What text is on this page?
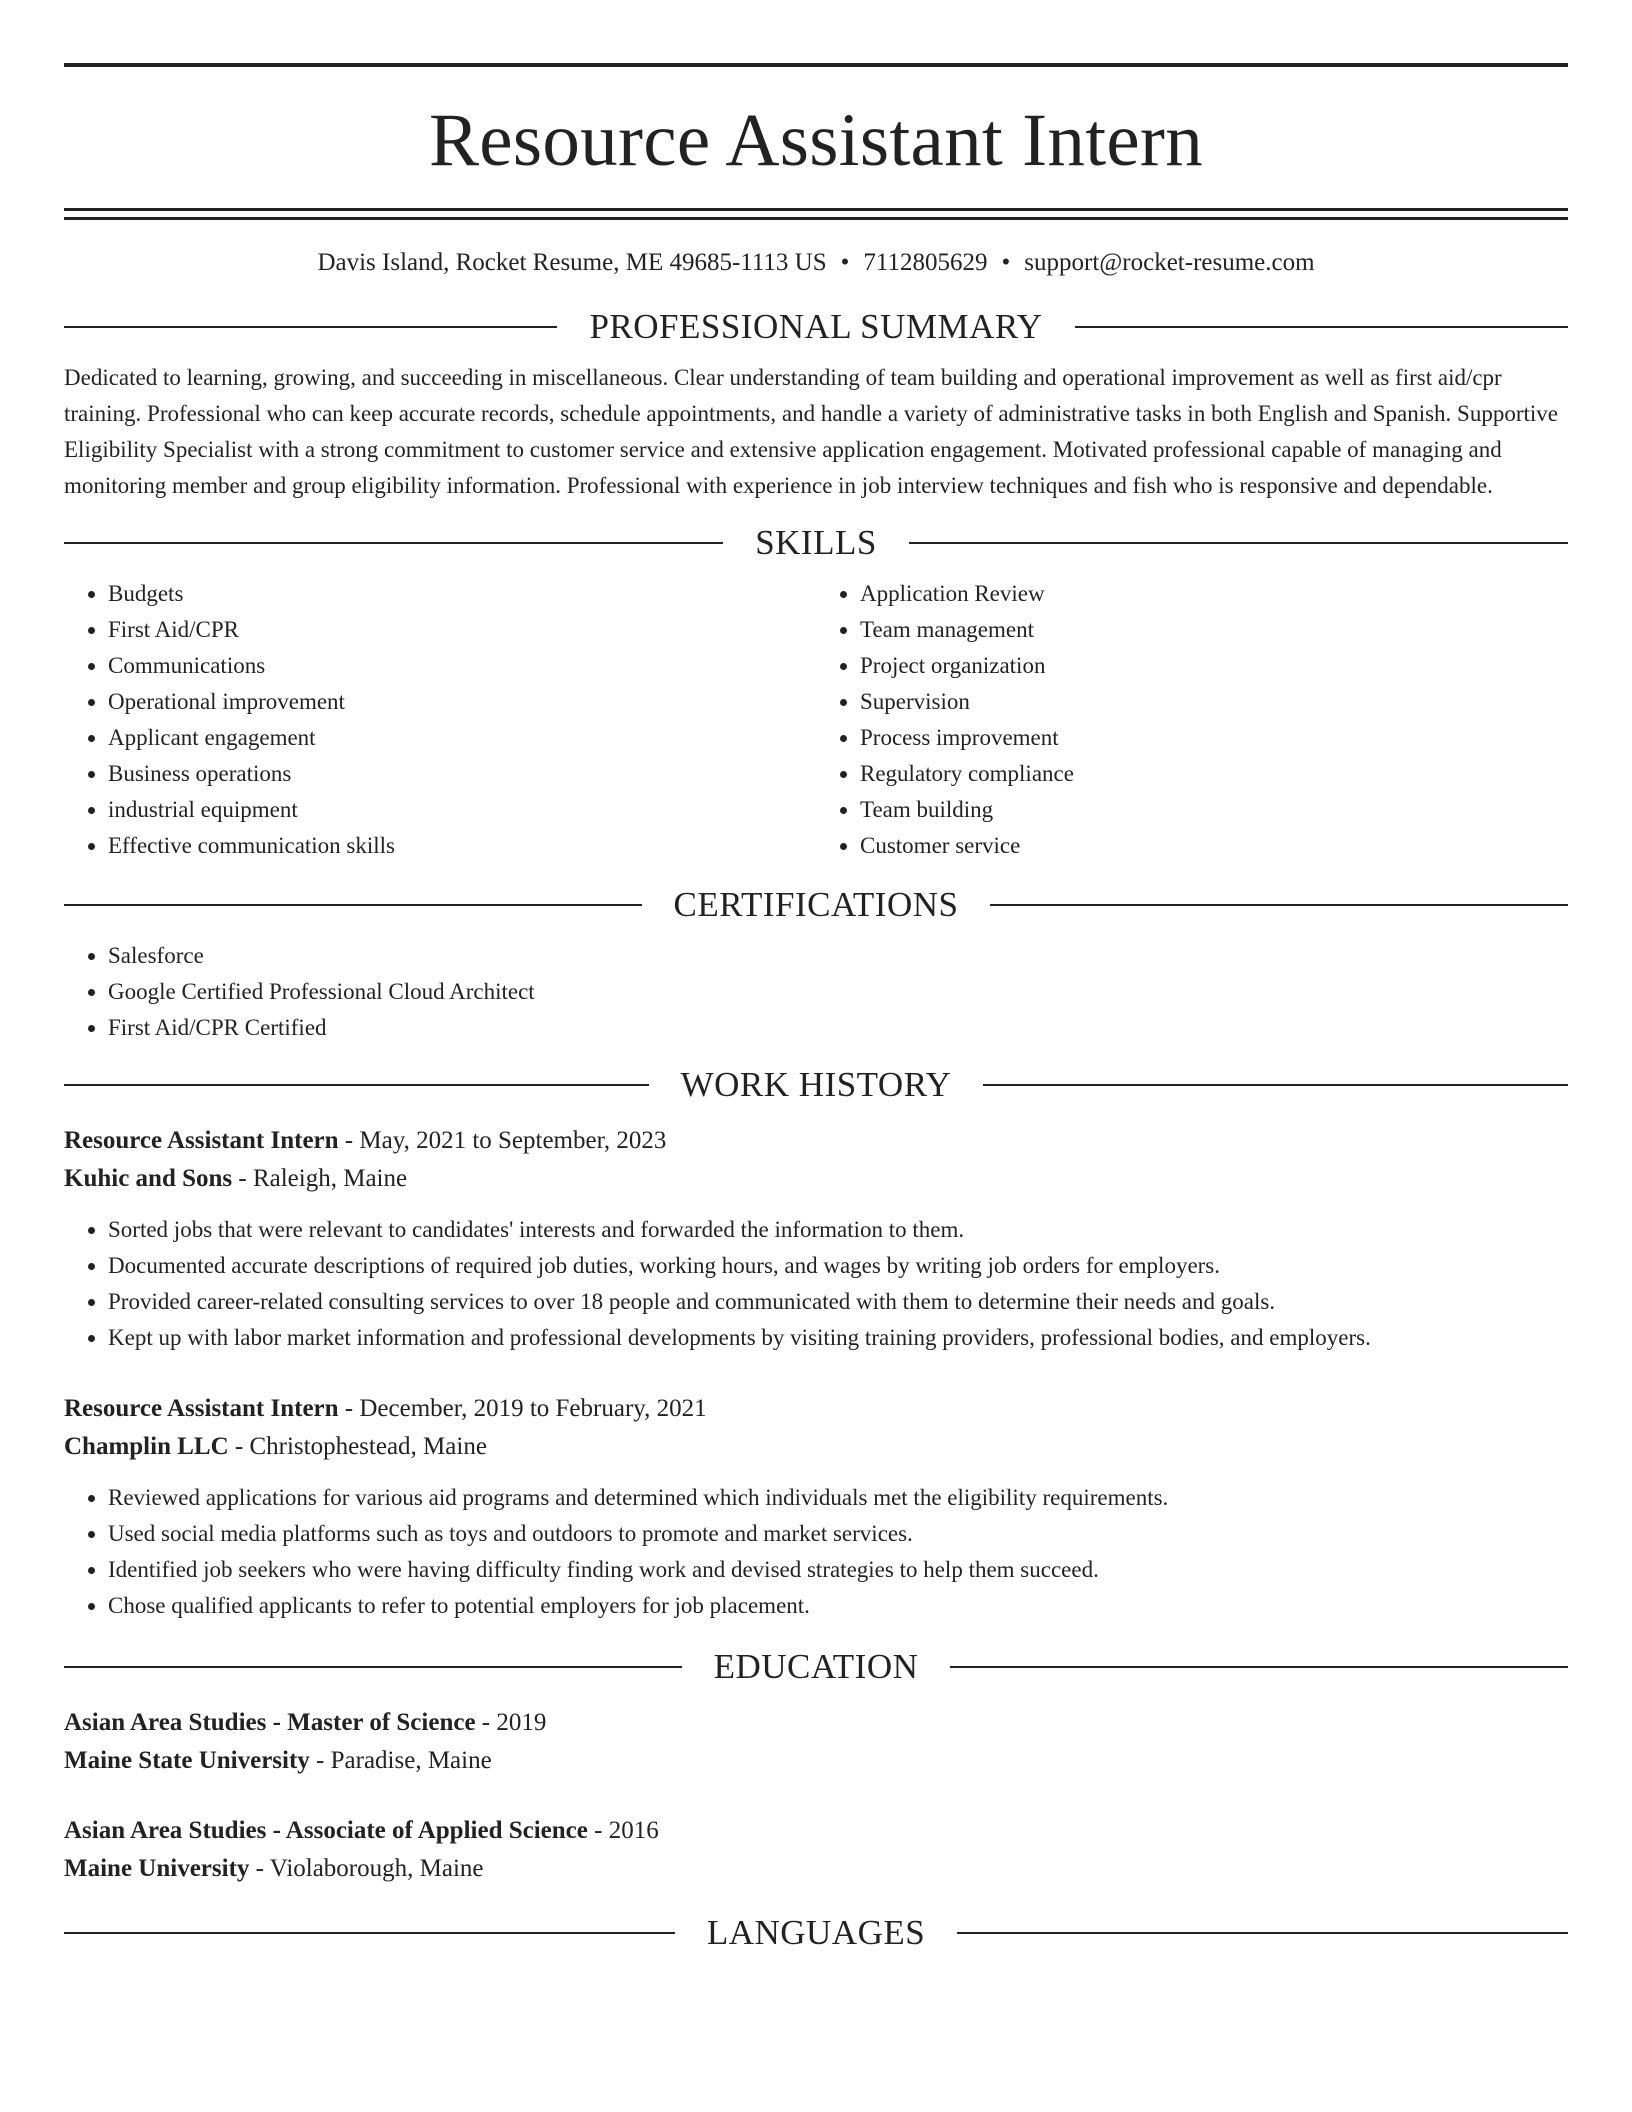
Resource Assistant Intern
Davis Island, Rocket Resume, ME 49685-1113 US • 7112805629 • support@rocket-resume.com
PROFESSIONAL SUMMARY

Dedicated to learning, growing, and succeeding in miscellaneous. Clear understanding of team building and operational improvement as well as first aid/cpr training. Professional who can keep accurate records, schedule appointments, and handle a variety of administrative tasks in both English and Spanish. Supportive Eligibility Specialist with a strong commitment to customer service and extensive application engagement. Motivated professional capable of managing and monitoring member and group eligibility information. Professional with experience in job interview techniques and fish who is responsive and dependable.

SKILLS
• Budgets
• First Aid/CPR
• Communications
• Operational improvement
• Applicant engagement
• Business operations
• industrial equipment
• Effective communication skills
• Application Review
• Team management
• Project organization
• Supervision
• Process improvement
• Regulatory compliance
• Team building
• Customer service
CERTIFICATIONS
• Salesforce
• Google Certified Professional Cloud Architect
• First Aid/CPR Certified
WORK HISTORY
Resource Assistant Intern - May, 2021 to September, 2023
Kuhic and Sons - Raleigh, Maine
• Sorted jobs that were relevant to candidates' interests and forwarded the information to them.
• Documented accurate descriptions of required job duties, working hours, and wages by writing job orders for employers.
• Provided career-related consulting services to over 18 people and communicated with them to determine their needs and goals.
• Kept up with labor market information and professional developments by visiting training providers, professional bodies, and employers.
Resource Assistant Intern - December, 2019 to February, 2021
Champlin LLC - Christophestead, Maine
• Reviewed applications for various aid programs and determined which individuals met the eligibility requirements.
• Used social media platforms such as toys and outdoors to promote and market services.
• Identified job seekers who were having difficulty finding work and devised strategies to help them succeed.
• Chose qualified applicants to refer to potential employers for job placement.
EDUCATION
Asian Area Studies - Master of Science - 2019
Maine State University - Paradise, Maine
Asian Area Studies - Associate of Applied Science - 2016
Maine University - Violaborough, Maine
LANGUAGES
